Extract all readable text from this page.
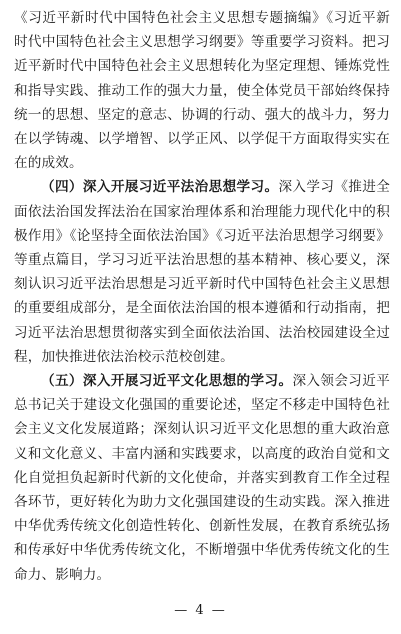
《习近平新时代中国特色社会主义思想专题摘编》《习近平新时代中国特色社会主义思想学习纲要》等重要学习资料。把习近平新时代中国特色社会主义思想转化为坚定理想、锤炼党性和指导实践、推动工作的强大力量，使全体党员干部始终保持统一的思想、坚定的意志、协调的行动、强大的战斗力，努力在以学铸魂、以学增智、以学正风、以学促干方面取得实实在在的成效。

（四）深入开展习近平法治思想学习。深入学习《推进全面依法治国发挥法治在国家治理体系和治理能力现代化中的积极作用》《论坚持全面依法治国》《习近平法治思想学习纲要》等重点篇目，学习习近平法治思想的基本精神、核心要义，深刻认识习近平法治思想是习近平新时代中国特色社会主义思想的重要组成部分，是全面依法治国的根本遵循和行动指南，把习近平法治思想贯彻落实到全面依法治国、法治校园建设全过程，加快推进依法治校示范校创建。

（五）深入开展习近平文化思想的学习。深入领会习近平总书记关于建设文化强国的重要论述，坚定不移走中国特色社会主义文化发展道路；深刻认识习近平文化思想的重大政治意义和文化意义、丰富内涵和实践要求，以高度的政治自觉和文化自觉担负起新时代新的文化使命，并落实到教育工作全过程各环节，更好转化为助力文化强国建设的生动实践。深入推进中华优秀传统文化创造性转化、创新性发展，在教育系统弘扬和传承好中华优秀传统文化，不断增强中华优秀传统文化的生命力、影响力。

— 4 —
